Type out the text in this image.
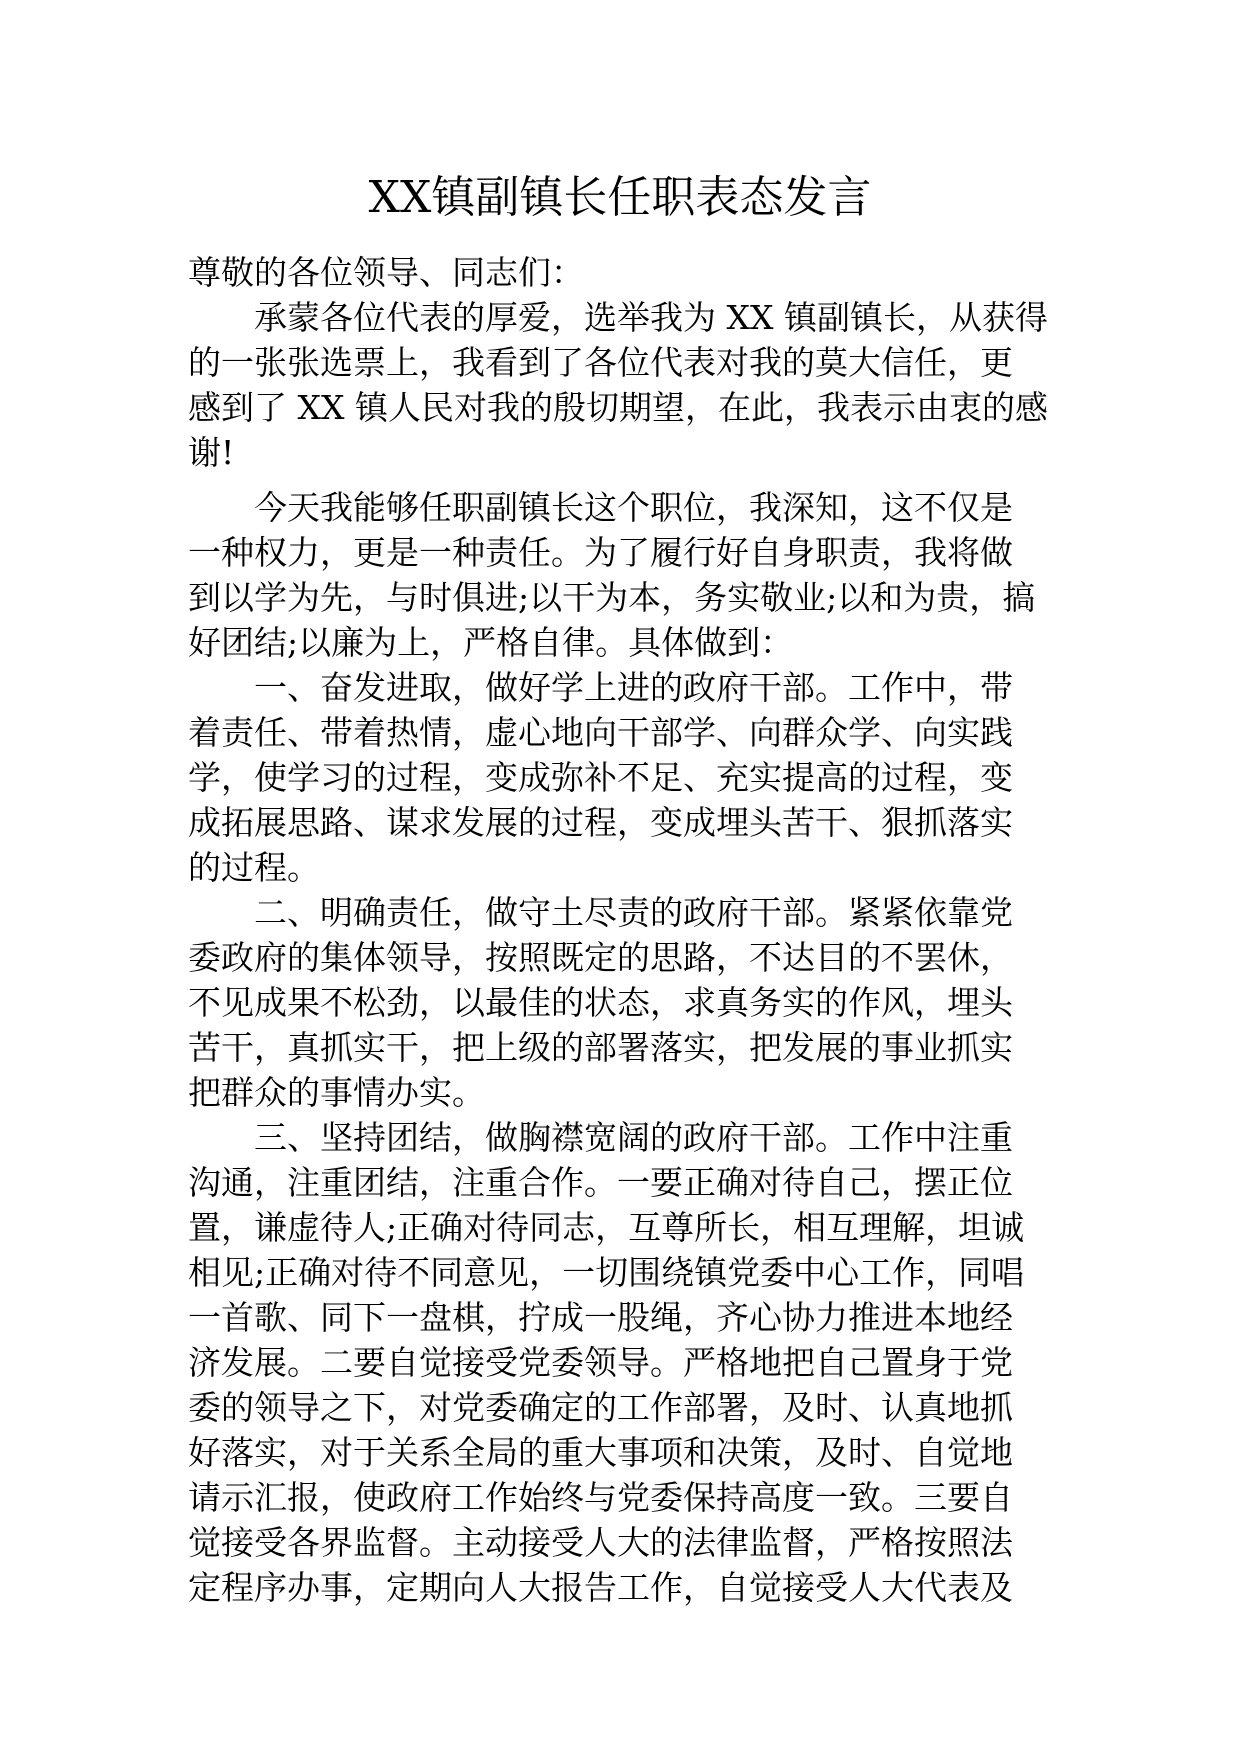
XX镇副镇长任职表态发言

尊敬的各位领导、同志们：

承蒙各位代表的厚爱，选举我为 XX 镇副镇长，从获得
的一张张选票上，我看到了各位代表对我的莫大信任，更
感到了 XX 镇人民对我的殷切期望，在此，我表示由衷的感
谢!
今天我能够任职副镇长这个职位，我深知，这不仅是
一种权力，更是一种责任。为了履行好自身职责，我将做
到以学为先，与时俱进;以干为本，务实敬业;以和为贵，搞
好团结;以廉为上，严格自律。具体做到：
一、奋发进取，做好学上进的政府干部。工作中，带
着责任、带着热情，虚心地向干部学、向群众学、向实践
学，使学习的过程，变成弥补不足、充实提高的过程，变
成拓展思路、谋求发展的过程，变成埋头苦干、狠抓落实
的过程。
二、明确责任，做守土尽责的政府干部。紧紧依靠党
委政府的集体领导，按照既定的思路，不达目的不罢休，
不见成果不松劲，以最佳的状态，求真务实的作风，埋头
苦干，真抓实干，把上级的部署落实，把发展的事业抓实
把群众的事情办实。
三、坚持团结，做胸襟宽阔的政府干部。工作中注重
沟通，注重团结，注重合作。一要正确对待自己，摆正位
置，谦虚待人;正确对待同志，互尊所长，相互理解，坦诚
相见;正确对待不同意见，一切围绕镇党委中心工作，同唱
一首歌、同下一盘棋，拧成一股绳，齐心协力推进本地经
济发展。二要自觉接受党委领导。严格地把自己置身于党
委的领导之下，对党委确定的工作部署，及时、认真地抓
好落实，对于关系全局的重大事项和决策，及时、自觉地
请示汇报，使政府工作始终与党委保持高度一致。三要自
觉接受各界监督。主动接受人大的法律监督，严格按照法
定程序办事，定期向人大报告工作，自觉接受人大代表及
